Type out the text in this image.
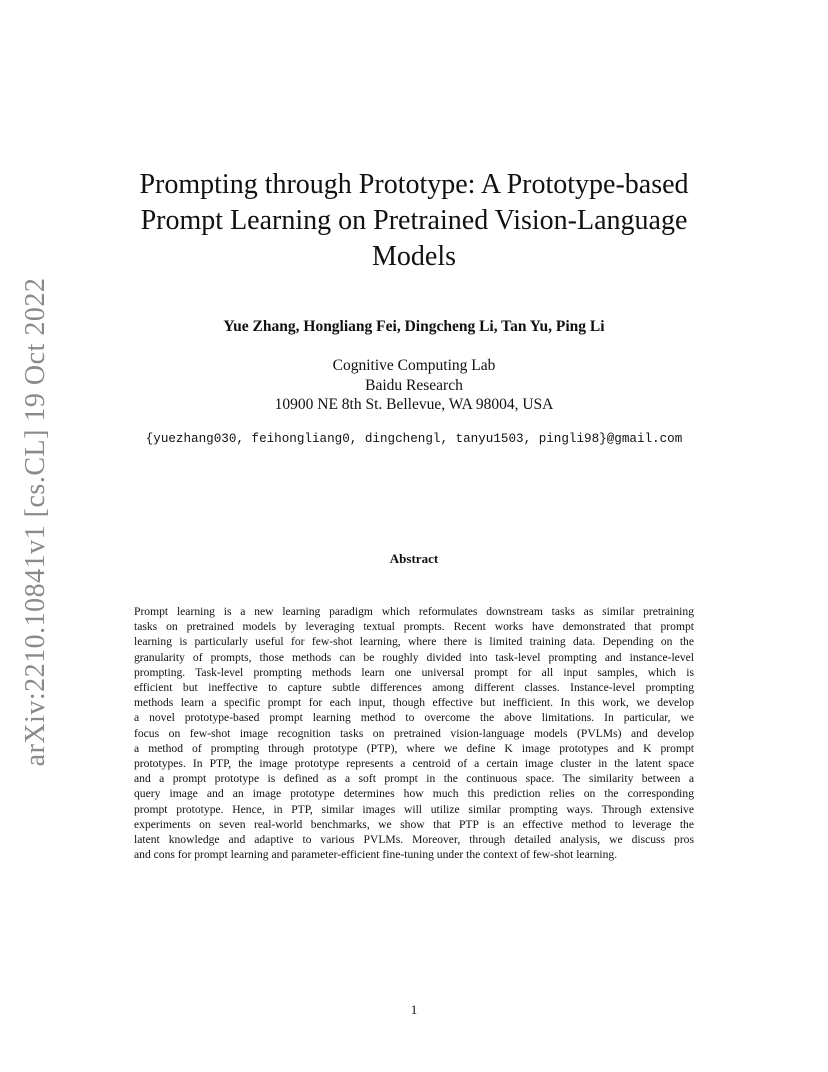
arXiv:2210.10841v1 [cs.CL] 19 Oct 2022
Prompting through Prototype: A Prototype-based
Prompt Learning on Pretrained Vision-Language
Models
Yue Zhang, Hongliang Fei, Dingcheng Li, Tan Yu, Ping Li
Cognitive Computing Lab
Baidu Research
10900 NE 8th St. Bellevue, WA 98004, USA
{yuezhang030, feihongliang0, dingchengl, tanyu1503, pingli98}@gmail.com
Abstract
Prompt learning is a new learning paradigm which reformulates downstream tasks as similar pretraining
tasks on pretrained models by leveraging textual prompts. Recent works have demonstrated that prompt
learning is particularly useful for few-shot learning, where there is limited training data. Depending on the
granularity of prompts, those methods can be roughly divided into task-level prompting and instance-level
prompting. Task-level prompting methods learn one universal prompt for all input samples, which is
efficient but ineffective to capture subtle differences among different classes. Instance-level prompting
methods learn a specific prompt for each input, though effective but inefficient. In this work, we develop
a novel prototype-based prompt learning method to overcome the above limitations. In particular, we
focus on few-shot image recognition tasks on pretrained vision-language models (PVLMs) and develop
a method of prompting through prototype (PTP), where we define K image prototypes and K prompt
prototypes. In PTP, the image prototype represents a centroid of a certain image cluster in the latent space
and a prompt prototype is defined as a soft prompt in the continuous space. The similarity between a
query image and an image prototype determines how much this prediction relies on the corresponding
prompt prototype. Hence, in PTP, similar images will utilize similar prompting ways. Through extensive
experiments on seven real-world benchmarks, we show that PTP is an effective method to leverage the
latent knowledge and adaptive to various PVLMs. Moreover, through detailed analysis, we discuss pros
and cons for prompt learning and parameter-efficient fine-tuning under the context of few-shot learning.
1
